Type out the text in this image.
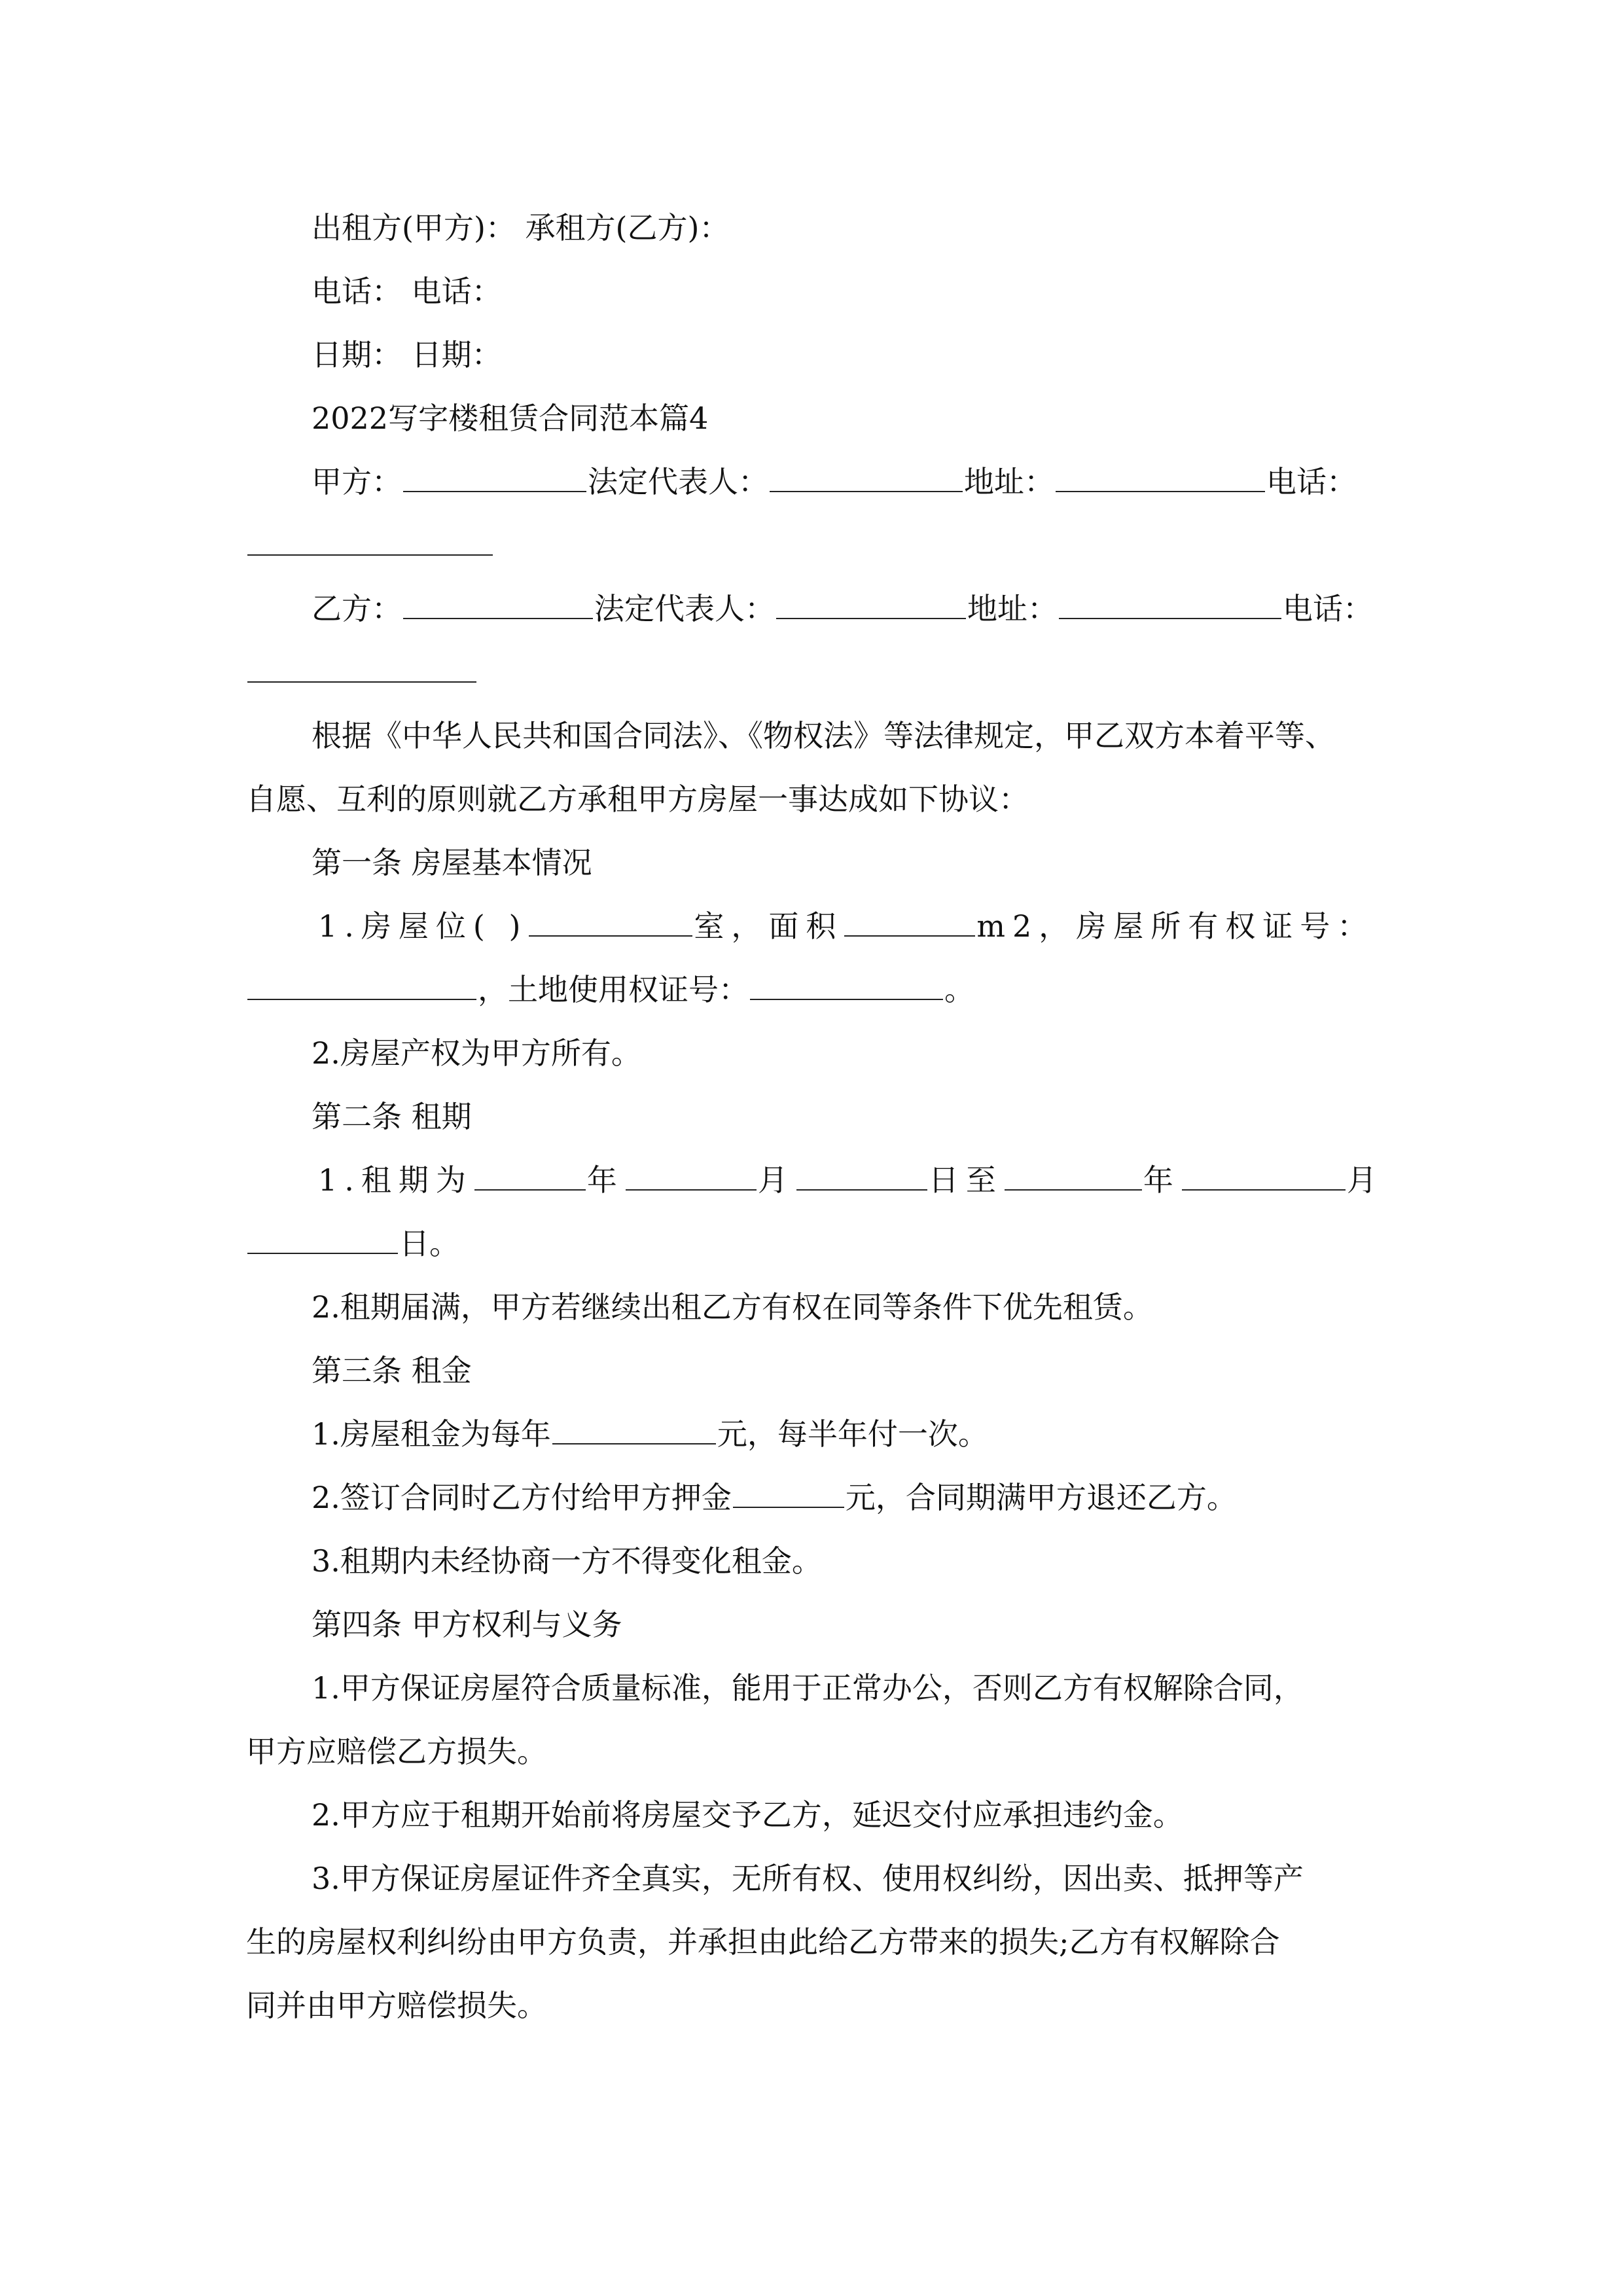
出租方(甲方)： 承租方(乙方)：
电话： 电话：
日期： 日期：
2022写字楼租赁合同范本篇4
甲方：	法定代表人：	地址：	电话：
乙方：	法定代表人：	地址：	电话：
根据《中华人民共和国合同法》、《物权法》等法律规定，甲乙双方本着平等、
自愿、互利的原则就乙方承租甲方房屋一事达成如下协议：
第一条 房屋基本情况
1.房屋位( )	室，面积	m2，房屋所有权证号：
，土地使用权证号：	。
2.房屋产权为甲方所有。
第二条 租期
1.租期为	年	月	日至	年	月
日。
2.租期届满，甲方若继续出租乙方有权在同等条件下优先租赁。
第三条 租金
1.房屋租金为每年	元，每半年付一次。
2.签订合同时乙方付给甲方押金	元，合同期满甲方退还乙方。
3.租期内未经协商一方不得变化租金。
第四条 甲方权利与义务
1.甲方保证房屋符合质量标准，能用于正常办公，否则乙方有权解除合同，
甲方应赔偿乙方损失。
2.甲方应于租期开始前将房屋交予乙方，延迟交付应承担违约金。
3.甲方保证房屋证件齐全真实，无所有权、使用权纠纷，因出卖、抵押等产
生的房屋权利纠纷由甲方负责，并承担由此给乙方带来的损失;乙方有权解除合
同并由甲方赔偿损失。
